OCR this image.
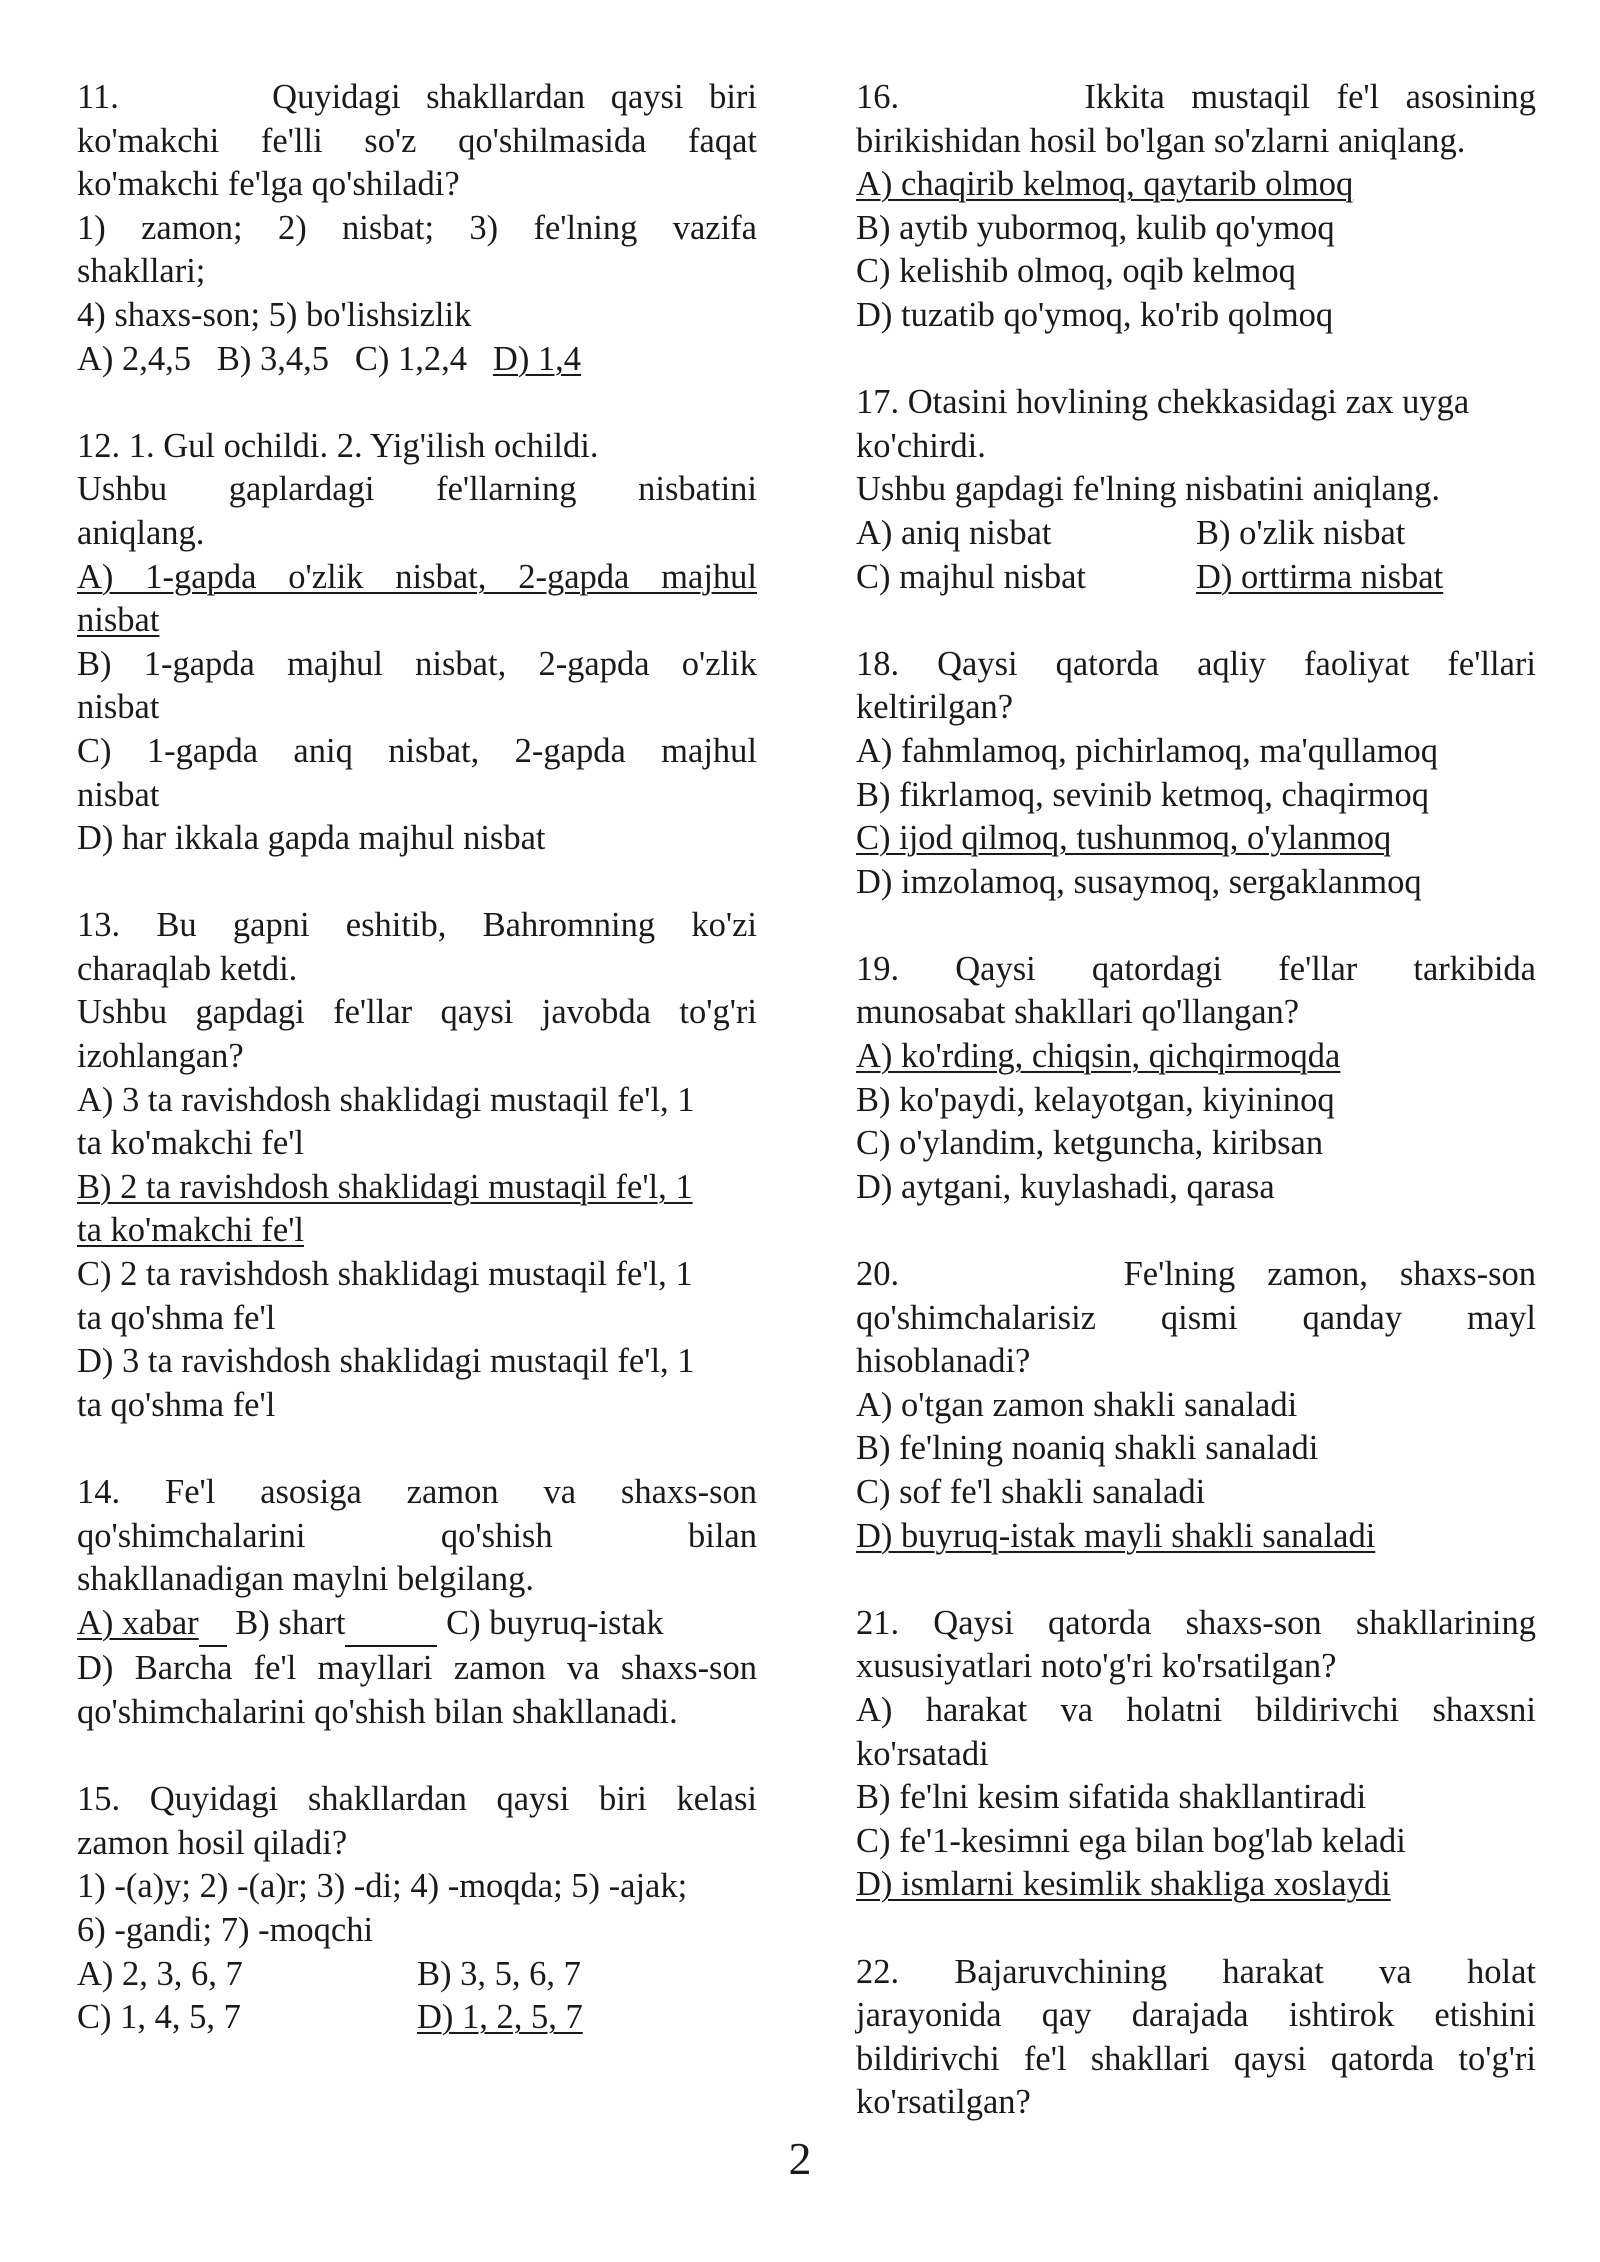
11.      Quyidagi shakllardan qaysi biri

ko'makchi fe'lli so'z qo'shilmasida faqat

ko'makchi fe'lga qo'shiladi?

1) zamon; 2) nisbat; 3) fe'lning vazifa

shakllari;

4) shaxs-son; 5) bo'lishsizlik

A) 2,4,5 B) 3,4,5 C) 1,2,4 D) 1,4

12. 1. Gul ochildi. 2. Yig'ilish ochildi.

Ushbu gaplardagi fe'llarning nisbatini

aniqlang.

A) 1-gapda o'zlik nisbat, 2-gapda majhul

nisbat

B) 1-gapda majhul nisbat, 2-gapda o'zlik

nisbat

C) 1-gapda aniq nisbat, 2-gapda majhul

nisbat

D) har ikkala gapda majhul nisbat

13. Bu gapni eshitib, Bahromning ko'zi

charaqlab ketdi.

Ushbu gapdagi fe'llar qaysi javobda to'g'ri

izohlangan?

A) 3 ta ravishdosh shaklidagi mustaqil fe'l, 1

ta ko'makchi fe'l

B) 2 ta ravishdosh shaklidagi mustaqil fe'l, 1

ta ko'makchi fe'l

C) 2 ta ravishdosh shaklidagi mustaqil fe'l, 1

ta qo'shma fe'l

D) 3 ta ravishdosh shaklidagi mustaqil fe'l, 1

ta qo'shma fe'l

14. Fe'l asosiga zamon va shaxs-son

qo'shimchalarini qo'shish bilan

shakllanadigan maylni belgilang.

A) xabar B) shart	C) buyruq-istak

D) Barcha fe'l mayllari zamon va shaxs-son

qo'shimchalarini qo'shish bilan shakllanadi.

15. Quyidagi shakllardan qaysi biri kelasi

zamon hosil qiladi?

1) -(a)y; 2) -(a)r; 3) -di; 4) -moqda; 5) -ajak;

6) -gandi; 7) -moqchi

A) 2, 3, 6, 7	B) 3, 5, 6, 7

C) 1, 4, 5, 7	D) 1, 2, 5, 7

16.       Ikkita mustaqil fe'l asosining

birikishidan hosil bo'lgan so'zlarni aniqlang.

A) chaqirib kelmoq, qaytarib olmoq

B) aytib yubormoq, kulib qo'ymoq

C) kelishib olmoq, oqib kelmoq

D) tuzatib qo'ymoq, ko'rib qolmoq

17. Otasini hovlining chekkasidagi zax uyga

ko'chirdi.

Ushbu gapdagi fe'lning nisbatini aniqlang.

A) aniq nisbat	B) o'zlik nisbat

C) majhul nisbat	D) orttirma nisbat

18. Qaysi qatorda aqliy faoliyat fe'llari

keltirilgan?

A) fahmlamoq, pichirlamoq, ma'qullamoq

B) fikrlamoq, sevinib ketmoq, chaqirmoq

C) ijod qilmoq, tushunmoq, o'ylanmoq

D) imzolamoq, susaymoq, sergaklanmoq

19. Qaysi qatordagi fe'llar tarkibida

munosabat shakllari qo'llangan?

A) ko'rding, chiqsin, qichqirmoqda

B) ko'paydi, kelayotgan, kiyininoq

C) o'ylandim, ketguncha, kiribsan

D) aytgani, kuylashadi, qarasa

20.       Fe'lning zamon, shaxs-son

qo'shimchalarisiz qismi qanday mayl

hisoblanadi?

A) o'tgan zamon shakli sanaladi

B) fe'lning noaniq shakli sanaladi

C) sof fe'l shakli sanaladi

D) buyruq-istak mayli shakli sanaladi

21. Qaysi qatorda shaxs-son shakllarining

xususiyatlari noto'g'ri ko'rsatilgan?

A) harakat va holatni bildirivchi shaxsni

ko'rsatadi

B) fe'lni kesim sifatida shakllantiradi

C) fe'1-kesimni ega bilan bog'lab keladi

D) ismlarni kesimlik shakliga xoslaydi

22. Bajaruvchining harakat va holat

jarayonida qay darajada ishtirok etishini

bildirivchi fe'l shakllari qaysi qatorda to'g'ri

ko'rsatilgan?

2
